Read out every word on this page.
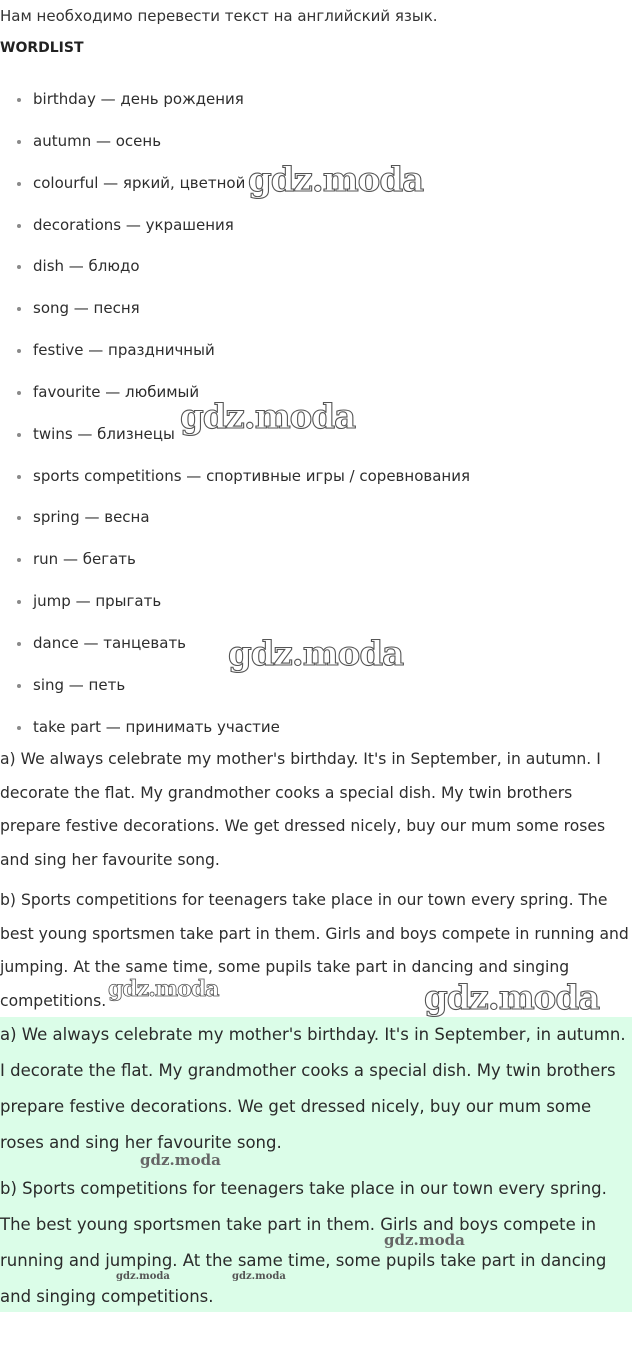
Нам необходимо перевести текст на английский язык.
WORDLIST
birthday — день рождения
autumn — осень
colourful — яркий, цветной
decorations — украшения
dish — блюдо
song — песня
festive — праздничный
favourite — любимый
twins — близнецы
sports competitions — спортивные игры / соревнования
spring — весна
run — бегать
jump — прыгать
dance — танцевать
sing — петь
take part — принимать участие

a) We always celebrate my mother's birthday. It's in September, in autumn. I decorate the flat. My grandmother cooks a special dish. My twin brothers prepare festive decorations. We get dressed nicely, buy our mum some roses and sing her favourite song.

b) Sports competitions for teenagers take place in our town every spring. The best young sportsmen take part in them. Girls and boys compete in running and jumping. At the same time, some pupils take part in dancing and singing competitions.

a) We always celebrate my mother's birthday. It's in September, in autumn. I decorate the flat. My grandmother cooks a special dish. My twin brothers prepare festive decorations. We get dressed nicely, buy our mum some roses and sing her favourite song.

b) Sports competitions for teenagers take place in our town every spring. The best young sportsmen take part in them. Girls and boys compete in running and jumping. At the same time, some pupils take part in dancing and singing competitions.

gdz.moda
gdz.moda
gdz.moda
gdz.moda	gdz.moda
gdz.moda
gdz.moda
gdz.moda	gdz.moda
